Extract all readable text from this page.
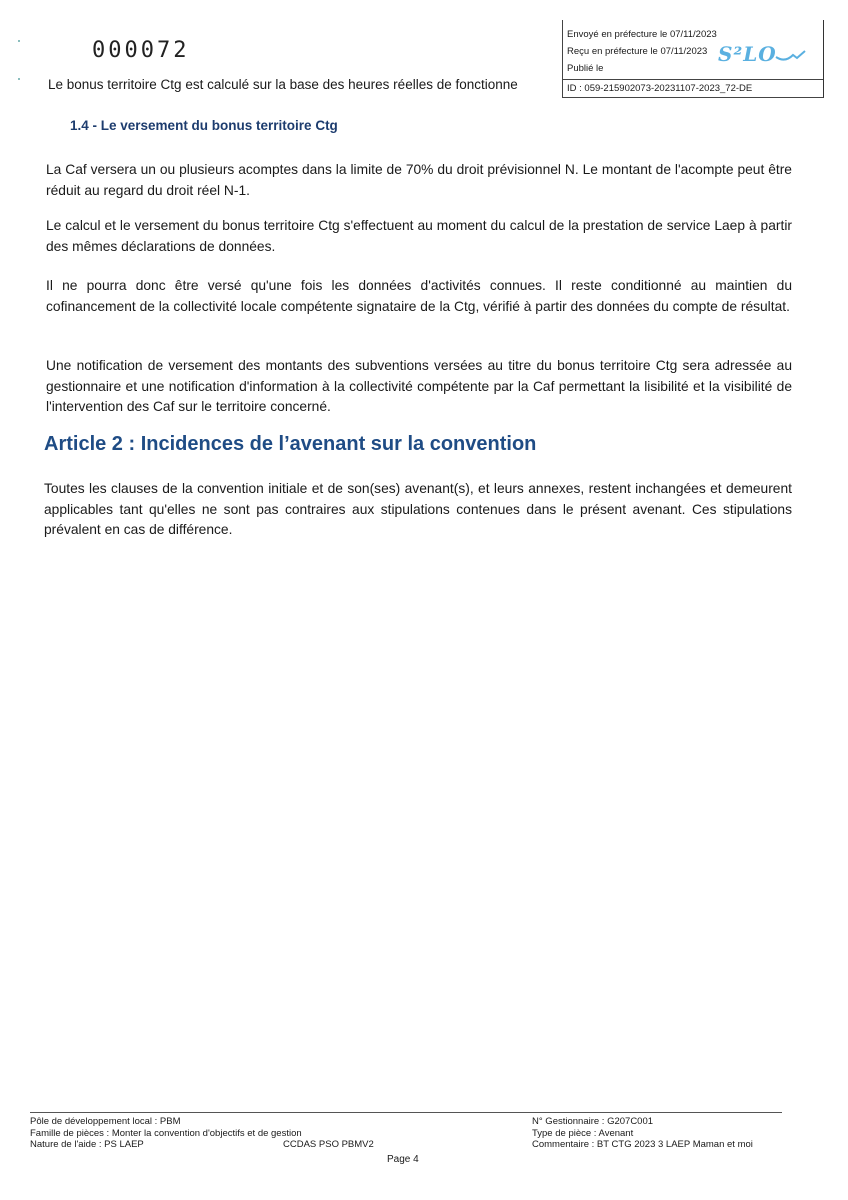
000072
Le bonus territoire Ctg est calculé sur la base des heures réelles de fonctionne
Envoyé en préfecture le 07/11/2023
Reçu en préfecture le 07/11/2023
Publié le
ID : 059-215902073-20231107-2023_72-DE
S²LO
1.4 - Le versement du bonus territoire Ctg

La Caf versera un ou plusieurs acomptes dans la limite de 70% du droit prévisionnel N. Le montant de l'acompte peut être réduit au regard du droit réel N-1.

Le calcul et le versement du bonus territoire Ctg s'effectuent au moment du calcul de la prestation de service Laep à partir des mêmes déclarations de données.

Il ne pourra donc être versé qu'une fois les données d'activités connues. Il reste conditionné au maintien du cofinancement de la collectivité locale compétente signataire de la Ctg, vérifié à partir des données du compte de résultat.

Une notification de versement des montants des subventions versées au titre du bonus territoire Ctg sera adressée au gestionnaire et une notification d'information à la collectivité compétente par la Caf permettant la lisibilité et la visibilité de l'intervention des Caf sur le territoire concerné.

Article 2 : Incidences de l’avenant sur la convention

Toutes les clauses de la convention initiale et de son(ses) avenant(s), et leurs annexes, restent inchangées et demeurent applicables tant qu'elles ne sont pas contraires aux stipulations contenues dans le présent avenant. Ces stipulations prévalent en cas de différence.

Pôle de développement local : PBM
Famille de pièces : Monter la convention d'objectifs et de gestion
Nature de l'aide : PS LAEP	CCDAS PSO PBMV2
N° Gestionnaire : G207C001
Type de pièce : Avenant
Commentaire : BT CTG 2023 3 LAEP Maman et moi
Page 4
